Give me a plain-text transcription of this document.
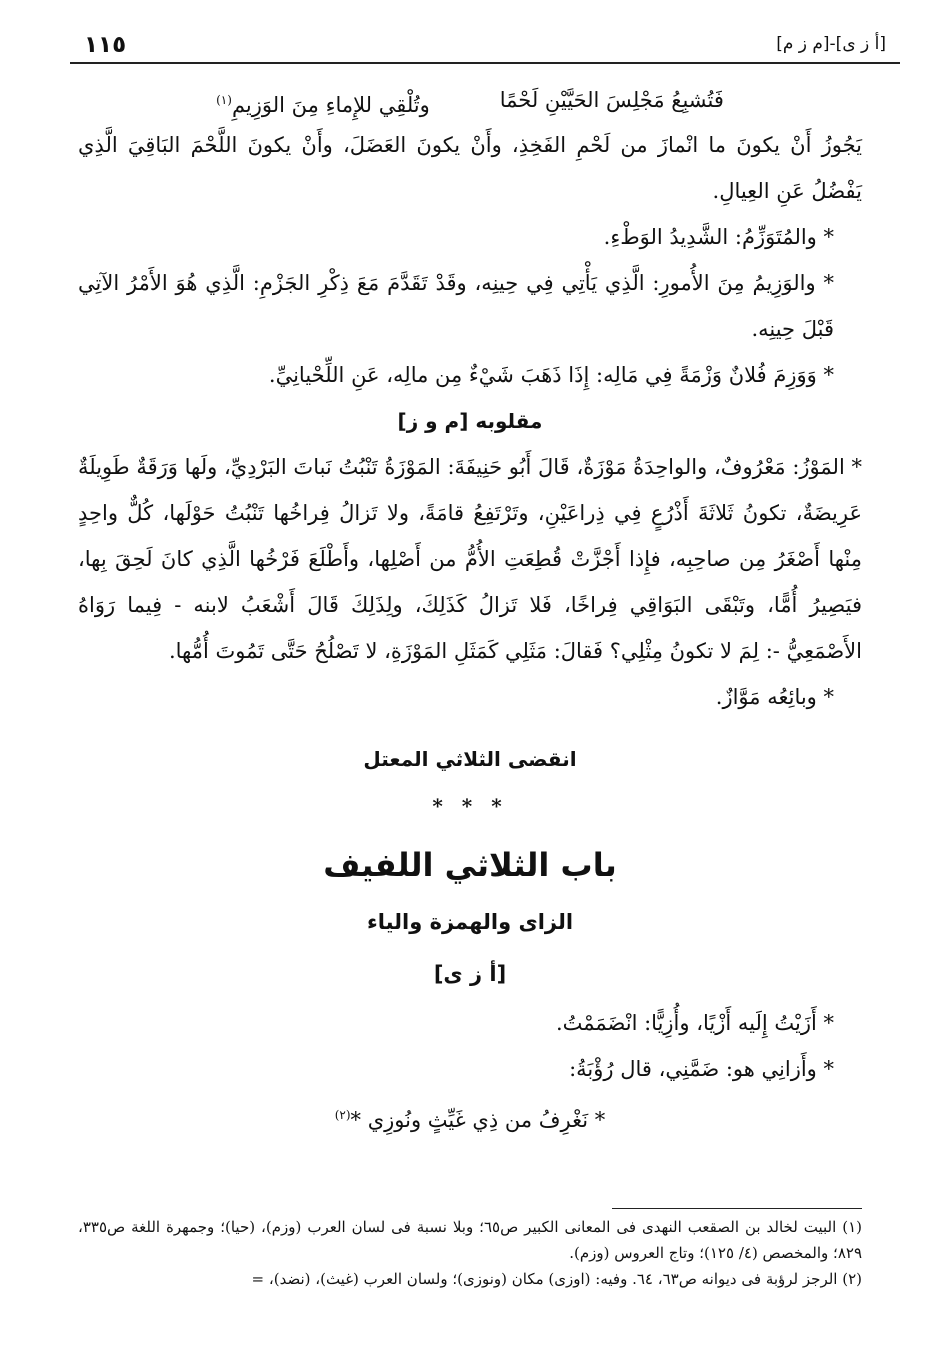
١١٥	[م ز م]-[أ ز ی]
فَتُشبِعُ مَجْلِسَ الحَيَّيْنِ لَحْمًا
وتُلْقِي للإِماءِ مِنَ الوَزِيمِ$^{(١)}$

يَجُوزُ أَنْ يكونَ ما انْمازَ من لَحْمِ الفَخِذِ، وأَنْ يكونَ العَضَلَ، وأَنْ يكونَ اللَّحْمَ البَاقِيَ الَّذِي يَفْضُلُ عَنِ العِيالِ.

* والمُتَوَزِّمُ: الشَّدِيدُ الوَطْءِ.

* والوَزِيمُ مِنَ الأُمورِ: الَّذِي يَأْتِي فِي حِينِه، وقَدْ تَقَدَّمَ مَعَ ذِكْرِ الجَزْمِ: الَّذِي هُوَ الأَمْرُ الآتِي قَبْلَ حِينِه.

* وَوَزِمَ فُلانٌ وَزْمَةً فِي مَالِه: إِذَا ذَهَبَ شَيْءٌ مِن مالِه، عَنِ اللِّحْيانِيِّ.

مقلوبه [م و ز]

* المَوْزُ: مَعْرُوفٌ، والواحِدَةُ مَوْزَةٌ، قَالَ أَبُو حَنِيفَةَ: المَوْزَةُ تَنْبُتُ نَباتَ البَرْدِيِّ، ولَها وَرَقَةٌ طَوِيلَةٌ عَرِيضَةٌ، تكونُ ثَلاثَةَ أَذْرُعٍ فِي ذِراعَيْنِ، وتَرْتَفِعُ قامَةً، ولا تَزالُ فِراخُها تَنْبُتُ حَوْلَها، كُلٌّ واحِدٍ مِنْها أَصْغَرُ مِن صاحِبِه، فإِذا أَجْزَّتْ قُطِعَتِ الأُمُّ من أَصْلِها، وأَطْلَعَ فَرْخُها الَّذِي كانَ لَحِقَ بِها، فيَصِيرُ أُمًّا، وتَبْقَى البَوَاقِي فِراخًا، فَلا تَزالُ كَذَلِكَ، ولِذَلِكَ قَالَ أَشْعَبُ لابنه - فِيما رَوَاهُ الأَصْمَعِيُّ -: لِمَ لا تكونُ مِثْلِي؟ فَقالَ: مَثَلِي كَمَثَلِ المَوْزَةِ، لا تَصْلُحُ حَتَّى تَمُوتَ أُمُّها.

* وبائِعُه مَوَّازٌ.

انقضى الثلاثي المعتل
* * *
باب الثلاثي اللفيف
الزاى والهمزة والياء
[أ ز ی]

* أَزَيْتُ إِلَيه أَزْيًا، وأُزِيًّا: انْضَمَمْتُ.

* وأَزانِي هو: ضَمَّنِي، قال رُؤْبَةُ:

* نَغْرِفُ من ذِي غَيِّثٍ ونُوزِي *$^{(٢)}$
(١) البيت لخالد بن الصقعب النهدى فى المعانى الكبير ص٦٥؛ وبلا نسبة فى لسان العرب (وزم)، (حيا)؛ وجمهرة اللغة ص٣٣٥، ٨٢٩؛ والمخصص (٤/ ١٢٥)؛ وتاج العروس (وزم).
(٢) الرجز لرؤبة فى ديوانه ص٦٣، ٦٤. وفيه: (اوزى) مكان (ونوزى)؛ ولسان العرب (غيث)، (نضد)، =
